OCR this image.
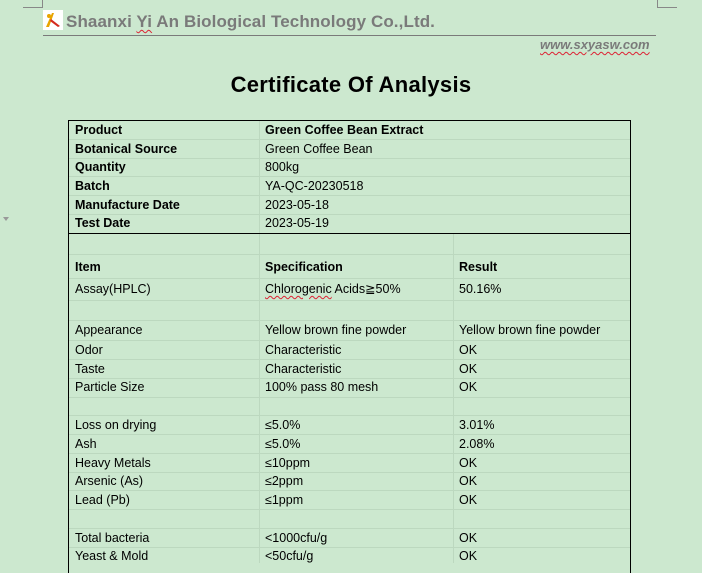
Shaanxi Yi An Biological Technology Co.,Ltd.
www.sxyasw.com
Certificate Of Analysis
Product	Green Coffee Bean Extract
Botanical Source	Green Coffee Bean
Quantity	800kg
Batch	YA-QC-20230518
Manufacture Date	2023-05-18
Test Date	2023-05-19
Item	Specification	Result
Assay(HPLC)	Chlorogenic Acids≧50%	50.16%
Appearance	Yellow brown fine powder	Yellow brown fine powder
Odor	Characteristic	OK
Taste	Characteristic	OK
Particle Size	100% pass 80 mesh	OK
Loss on drying	≤5.0%	3.01%
Ash	≤5.0%	2.08%
Heavy Metals	≤10ppm	OK
Arsenic (As)	≤2ppm	OK
Lead (Pb)	≤1ppm	OK
Total bacteria	<1000cfu/g	OK
Yeast & Mold	<50cfu/g	OK
